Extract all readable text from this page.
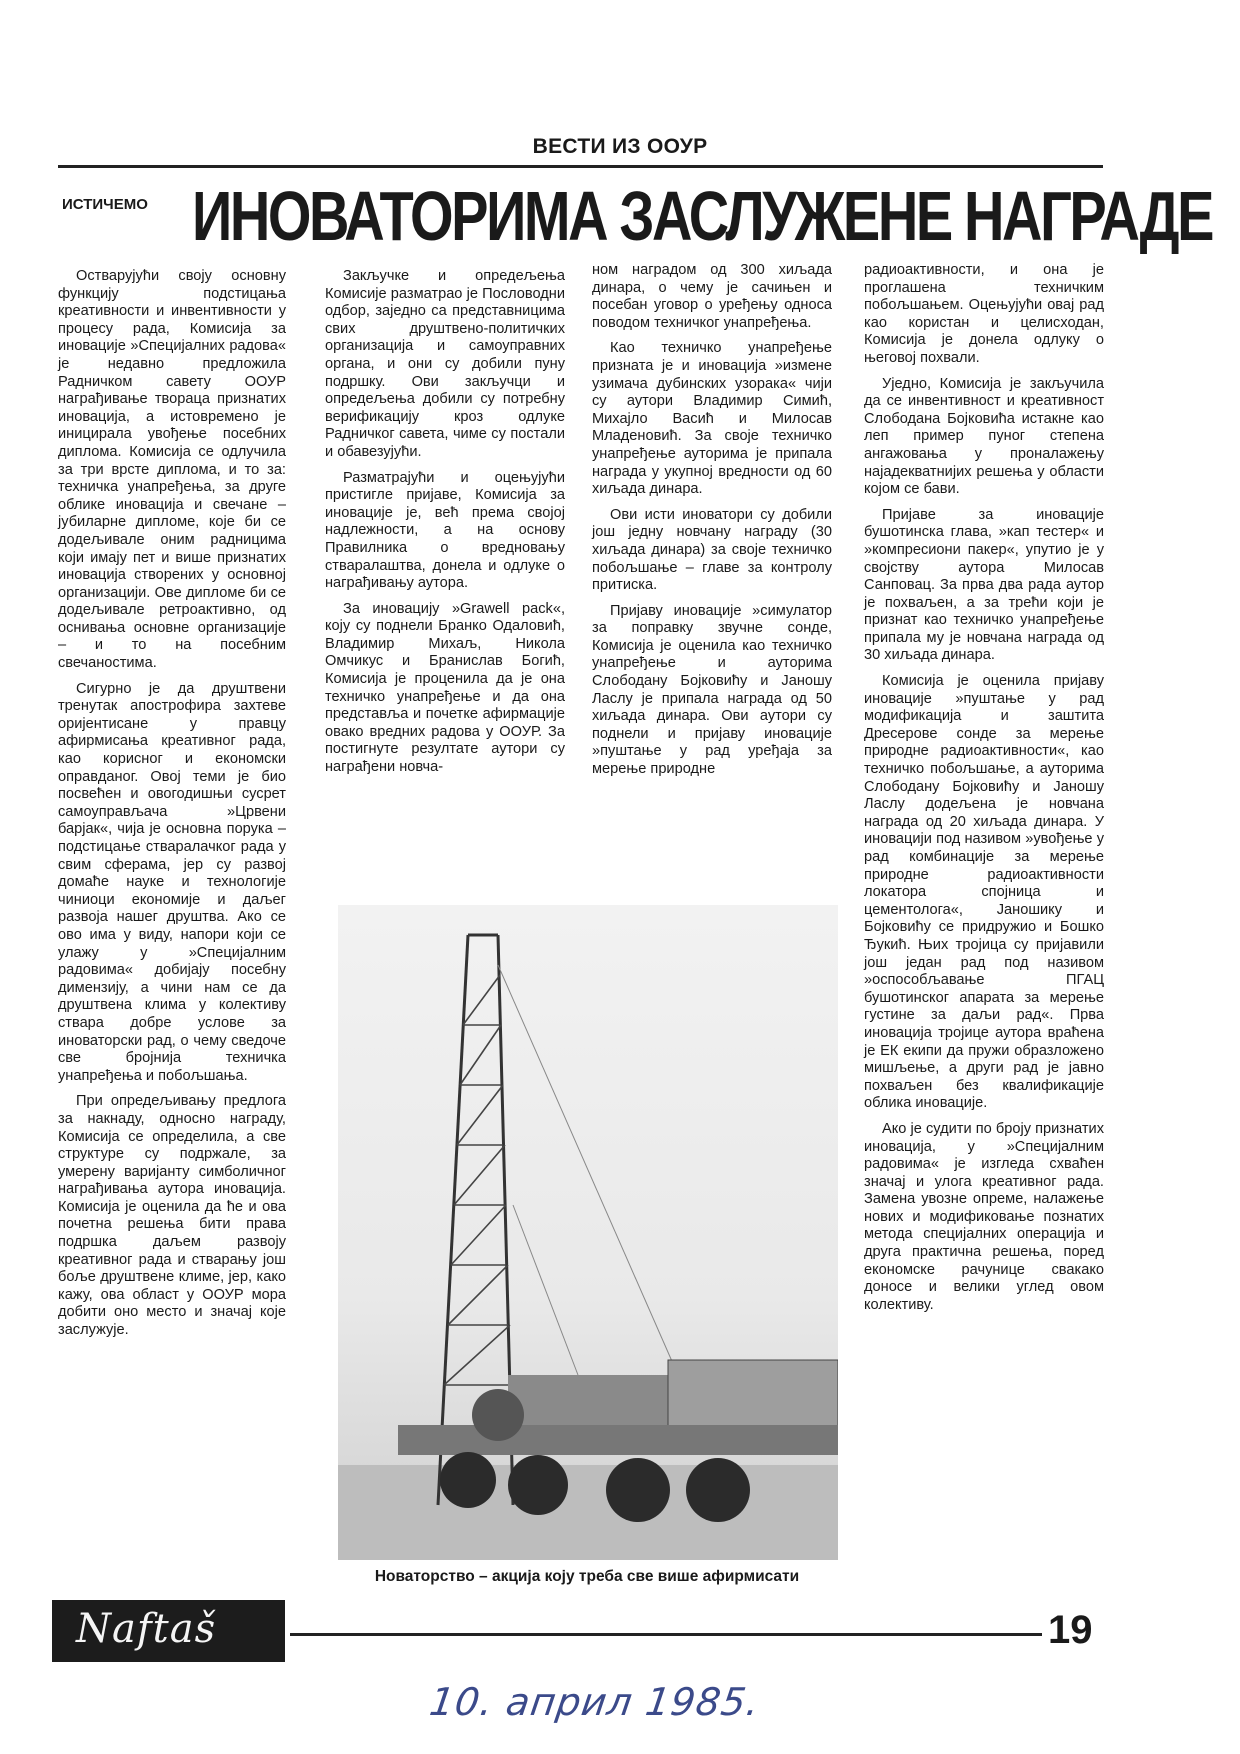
ВЕСТИ ИЗ ООУР
ИСТИЧЕМО ИНОВАТОРИМА ЗАСЛУЖЕНЕ НАГРАДЕ

Остварујући своју основну функцију подстицања креативности и инвентивности у процесу рада, Комисија за иновације »Специјалних радова« је недавно предложила Радничком савету ООУР награђивање твораца признатих иновација, а истовремено је иницирала увођење посебних диплома. Комисија се одлучила за три врсте диплома, и то за: техничка унапређења, за друге облике иновација и свечане – јубиларне дипломе, које би се додељивале оним радницима који имају пет и више признатих иновација створених у основној организацији. Ове дипломе би се додељивале ретроактивно, од оснивања основне организације – и то на посебним свечаностима.

Сигурно је да друштвени тренутак апострофира захтеве оријентисане у правцу афирмисања креативног рада, као корисног и економски оправданог. Овој теми је био посвећен и овогодишњи сусрет самоуправљача »Црвени барјак«, чија је основна порука – подстицање стваралачког рада у свим сферама, јер су развој домаће науке и технологије чиниоци економије и даљег развоја нашег друштва. Ако се ово има у виду, напори који се улажу у »Специјалним радовима« добијају посебну димензију, а чини нам се да друштвена клима у колективу ствара добре услове за иноваторски рад, о чему сведоче све бројнија техничка унапређења и побољшања.

При опредељивању предлога за накнаду, односно награду, Комисија се определила, а све структуре су подржале, за умерену варијанту симболичног награђивања аутора иновација. Комисија је оценила да ће и ова почетна решења бити права подршка даљем развоју креативног рада и стварању још боље друштвене климе, јер, како кажу, ова област у ООУР мора добити оно место и значај које заслужује.

Закључке и опредељења Комисије разматрао је Пословодни одбор, заједно са представницима свих друштвено-политичких организација и самоуправних органа, и они су добили пуну подршку. Ови закључци и опредељења добили су потребну верификацију кроз одлуке Радничког савета, чиме су постали и обавезујући.

Разматрајући и оцењујући пристигле пријаве, Комисија за иновације је, већ према својој надлежности, а на основу Правилника о вредновању стваралаштва, донела и одлуке о награђивању аутора.

За иновацију »Grawell pack«, коју су поднели Бранко Одаловић, Владимир Михаљ, Никола Омчикус и Бранислав Богић, Комисија је проценила да је она техничко унапређење и да она представља и почетке афирмације овако вредних радова у ООУР. За постигнуте резултате аутори су награђени новча-

ном наградом од 300 хиљада динара, о чему је сачињен и посебан уговор о уређењу односа поводом техничког унапређења.

Као техничко унапређење призната је и иновација »измене узимача дубинских узорака« чији су аутори Владимир Симић, Михајло Васић и Милосав Младеновић. За своје техничко унапређење ауторима је припала награда у укупној вредности од 60 хиљада динара.

Ови исти иноватори су добили још једну новчану награду (30 хиљада динара) за своје техничко побољшање – главе за контролу притиска.

Пријаву иновације »симулатор за поправку звучне сонде, Комисија је оценила као техничко унапређење и ауторима Слободану Бојковићу и Јаношу Ласлу је припала награда од 50 хиљада динара. Ови аутори су поднели и пријаву иновације »пуштање у рад уређаја за мерење природне

радиоактивности, и она је проглашена техничким побољшањем. Оцењујући овај рад као користан и целисходан, Комисија је донела одлуку о његовој похвали.

Уједно, Комисија је закључила да се инвентивност и креативност Слободана Бојковића истакне као леп пример пуног степена ангажовања у проналажењу најадекватнијих решења у области којом се бави.

Пријаве за иновације бушотинска глава, »кап тестер« и »компресиони пакер«, упутио је у својству аутора Милосав Санповац. За прва два рада аутор је похваљен, а за трећи који је признат као техничко унапређење припала му је новчана награда од 30 хиљада динара.

Комисија је оценила пријаву иновације »пуштање у рад модификација и заштита Дресерове сонде за мерење природне радиоактивности«, као техничко побољшање, а ауторима Слободану Бојковићу и Јаношу Ласлу додељена је новчана награда од 20 хиљада динара. У иновацији под називом »увођење у рад комбинације за мерење природне радиоактивности локатора спојница и цементолога«, Јаношику и Бојковићу се придружио и Бошко Ђукић. Њих тројица су пријавили још један рад под називом »оспособљавање ПГАЦ бушотинског апарата за мерење густине за даљи рад«. Прва иновација тројице аутора враћена је ЕК екипи да пружи образложено мишљење, а други рад је јавно похваљен без квалификације облика иновације.

Ако је судити по броју признатих иновација, у »Специјалним радовима« је изгледа схваћен значај и улога креативног рада. Замена увозне опреме, налажење нових и модификовање познатих метода специјалних операција и друга практична решења, поред економске рачунице свакако доносе и велики углед овом колективу.

Новаторство – акција коју треба све више афирмисати
Naftaš	19
10. април 1985.
